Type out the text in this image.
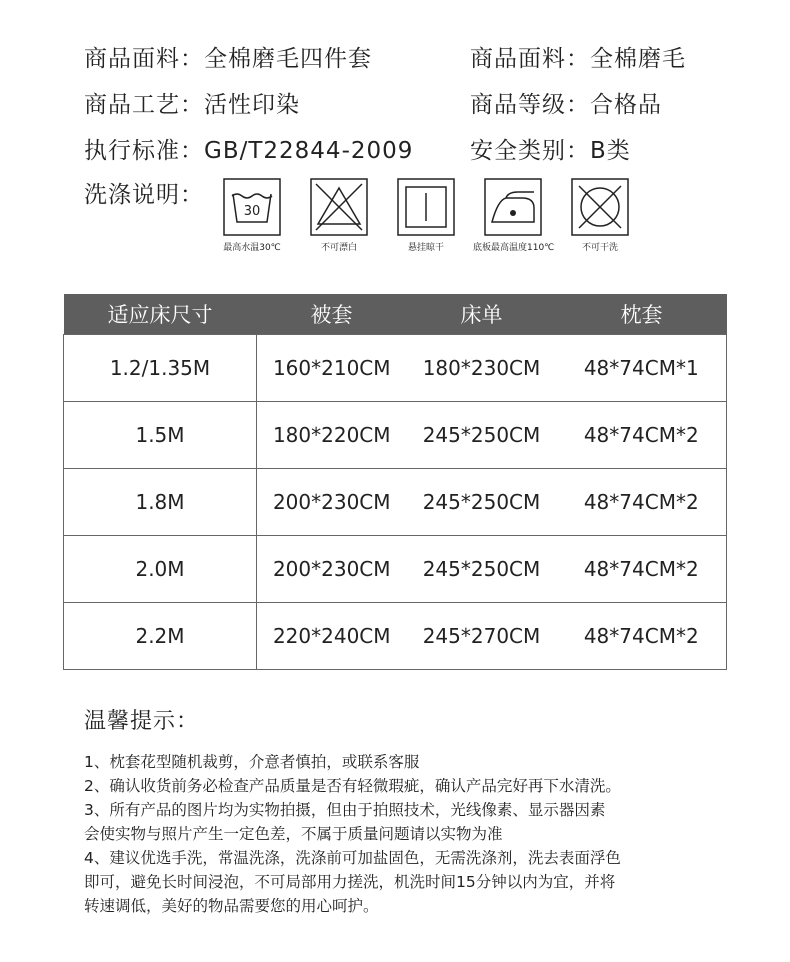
商品面料：全棉磨毛四件套	商品面料：全棉磨毛
商品工艺：活性印染	商品等级：合格品
执行标准：GB/T22844-2009 安全类别：B类
洗涤说明：
30
最高水温30℃	不可漂白	悬挂晾干	底板最高温度110℃	不可干洗
适应床尺寸	被套	床单	枕套
1.2/1.35M	160*210CM	180*230CM	48*74CM*1
1.5M	180*220CM	245*250CM	48*74CM*2
1.8M	200*230CM	245*250CM	48*74CM*2
2.0M	200*230CM	245*250CM	48*74CM*2
2.2M	220*240CM	245*270CM	48*74CM*2
温馨提示：

1、枕套花型随机裁剪，介意者慎拍，或联系客服

2、确认收货前务必检查产品质量是否有轻微瑕疵，确认产品完好再下水清洗。

3、所有产品的图片均为实物拍摄，但由于拍照技术，光线像素、显示器因素

会使实物与照片产生一定色差，不属于质量问题请以实物为准

4、建议优选手洗，常温洗涤，洗涤前可加盐固色，无需洗涤剂，洗去表面浮色

即可，避免长时间浸泡，不可局部用力搓洗，机洗时间15分钟以内为宜，并将

转速调低，美好的物品需要您的用心呵护。
